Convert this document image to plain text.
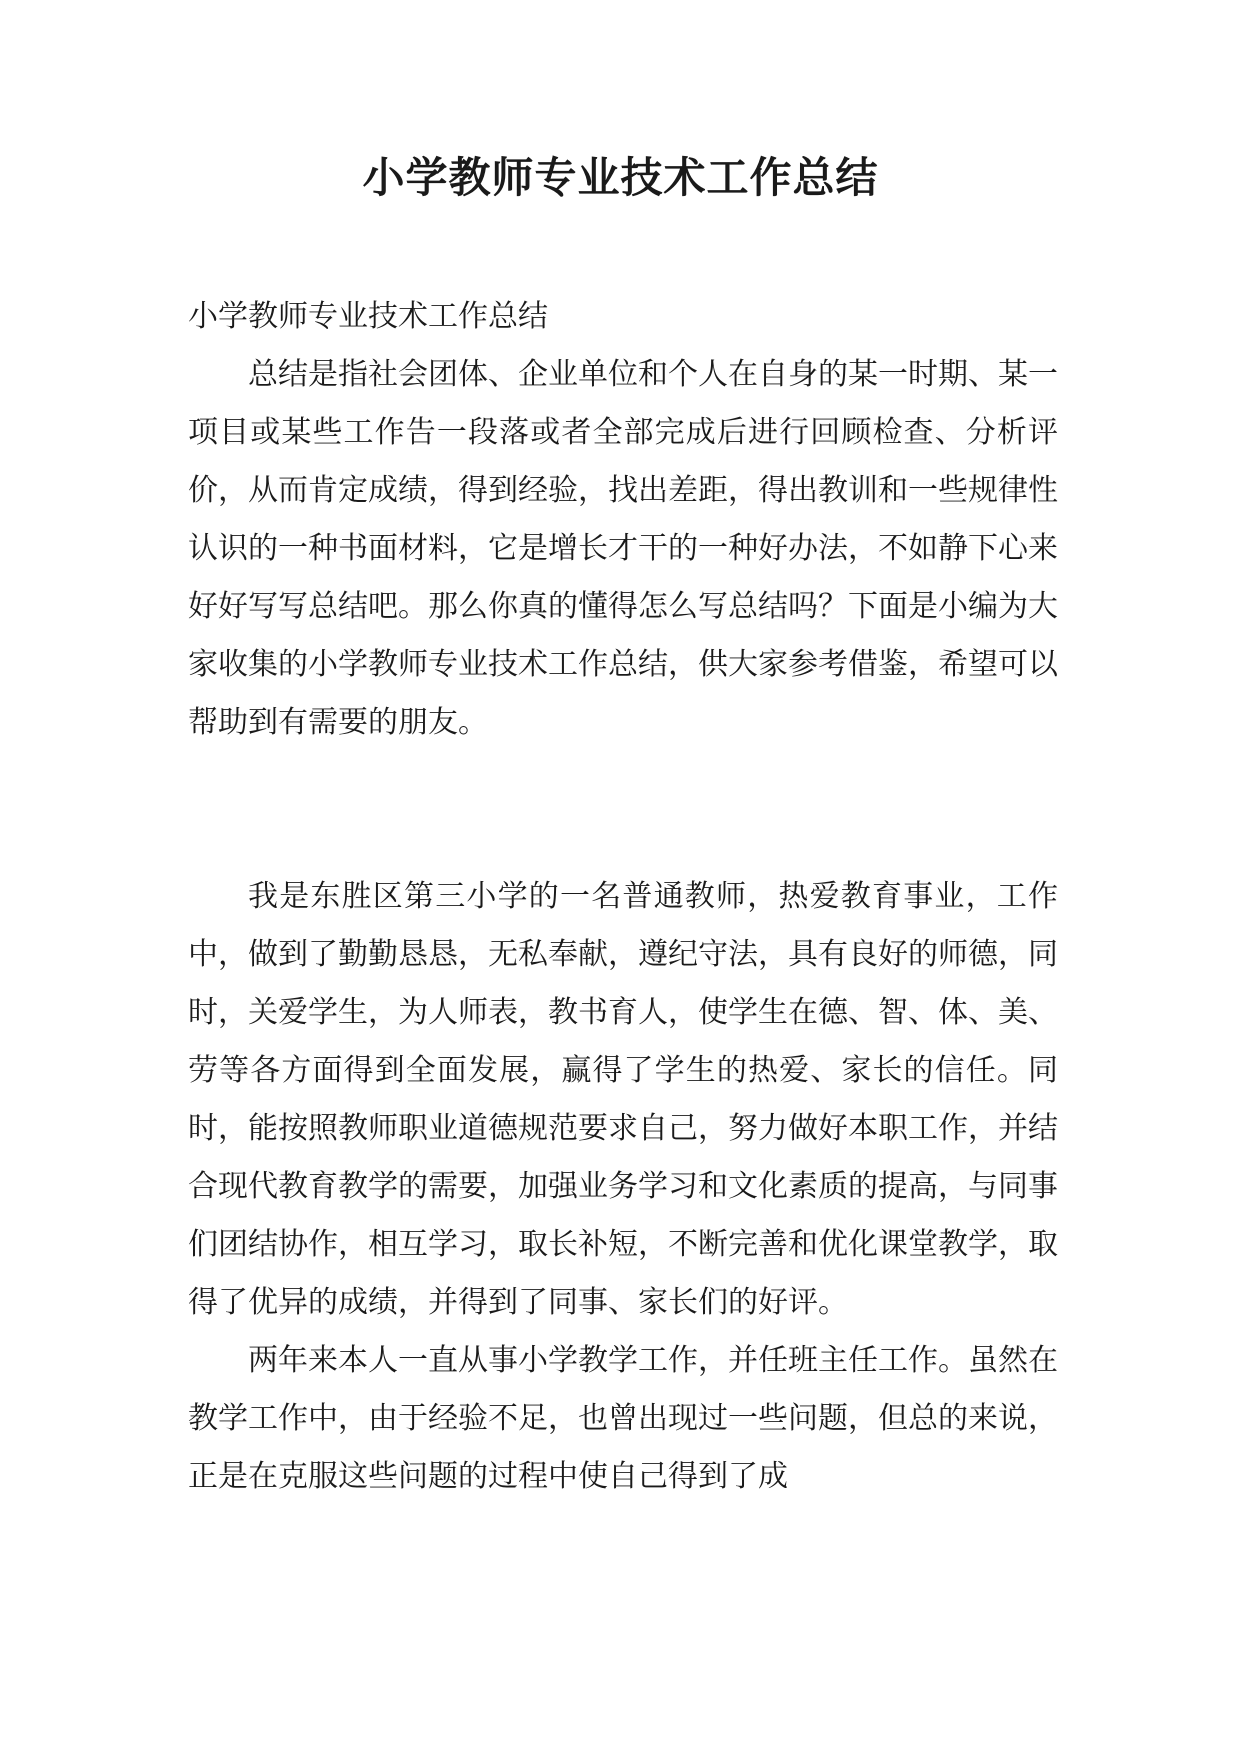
小学教师专业技术工作总结

小学教师专业技术工作总结

总结是指社会团体、企业单位和个人在自身的某一时期、某一项目或某些工作告一段落或者全部完成后进行回顾检查、分析评价，从而肯定成绩，得到经验，找出差距，得出教训和一些规律性认识的一种书面材料，它是增长才干的一种好办法，不如静下心来好好写写总结吧。那么你真的懂得怎么写总结吗？下面是小编为大家收集的小学教师专业技术工作总结，供大家参考借鉴，希望可以帮助到有需要的朋友。

我是东胜区第三小学的一名普通教师，热爱教育事业，工作中，做到了勤勤恳恳，无私奉献，遵纪守法，具有良好的师德，同时，关爱学生，为人师表，教书育人，使学生在德、智、体、美、劳等各方面得到全面发展，赢得了学生的热爱、家长的信任。同时，能按照教师职业道德规范要求自己，努力做好本职工作，并结合现代教育教学的需要，加强业务学习和文化素质的提高，与同事们团结协作，相互学习，取长补短，不断完善和优化课堂教学，取得了优异的成绩，并得到了同事、家长们的好评。

两年来本人一直从事小学教学工作，并任班主任工作。虽然在教学工作中，由于经验不足，也曾出现过一些问题，但总的来说，正是在克服这些问题的过程中使自己得到了成
